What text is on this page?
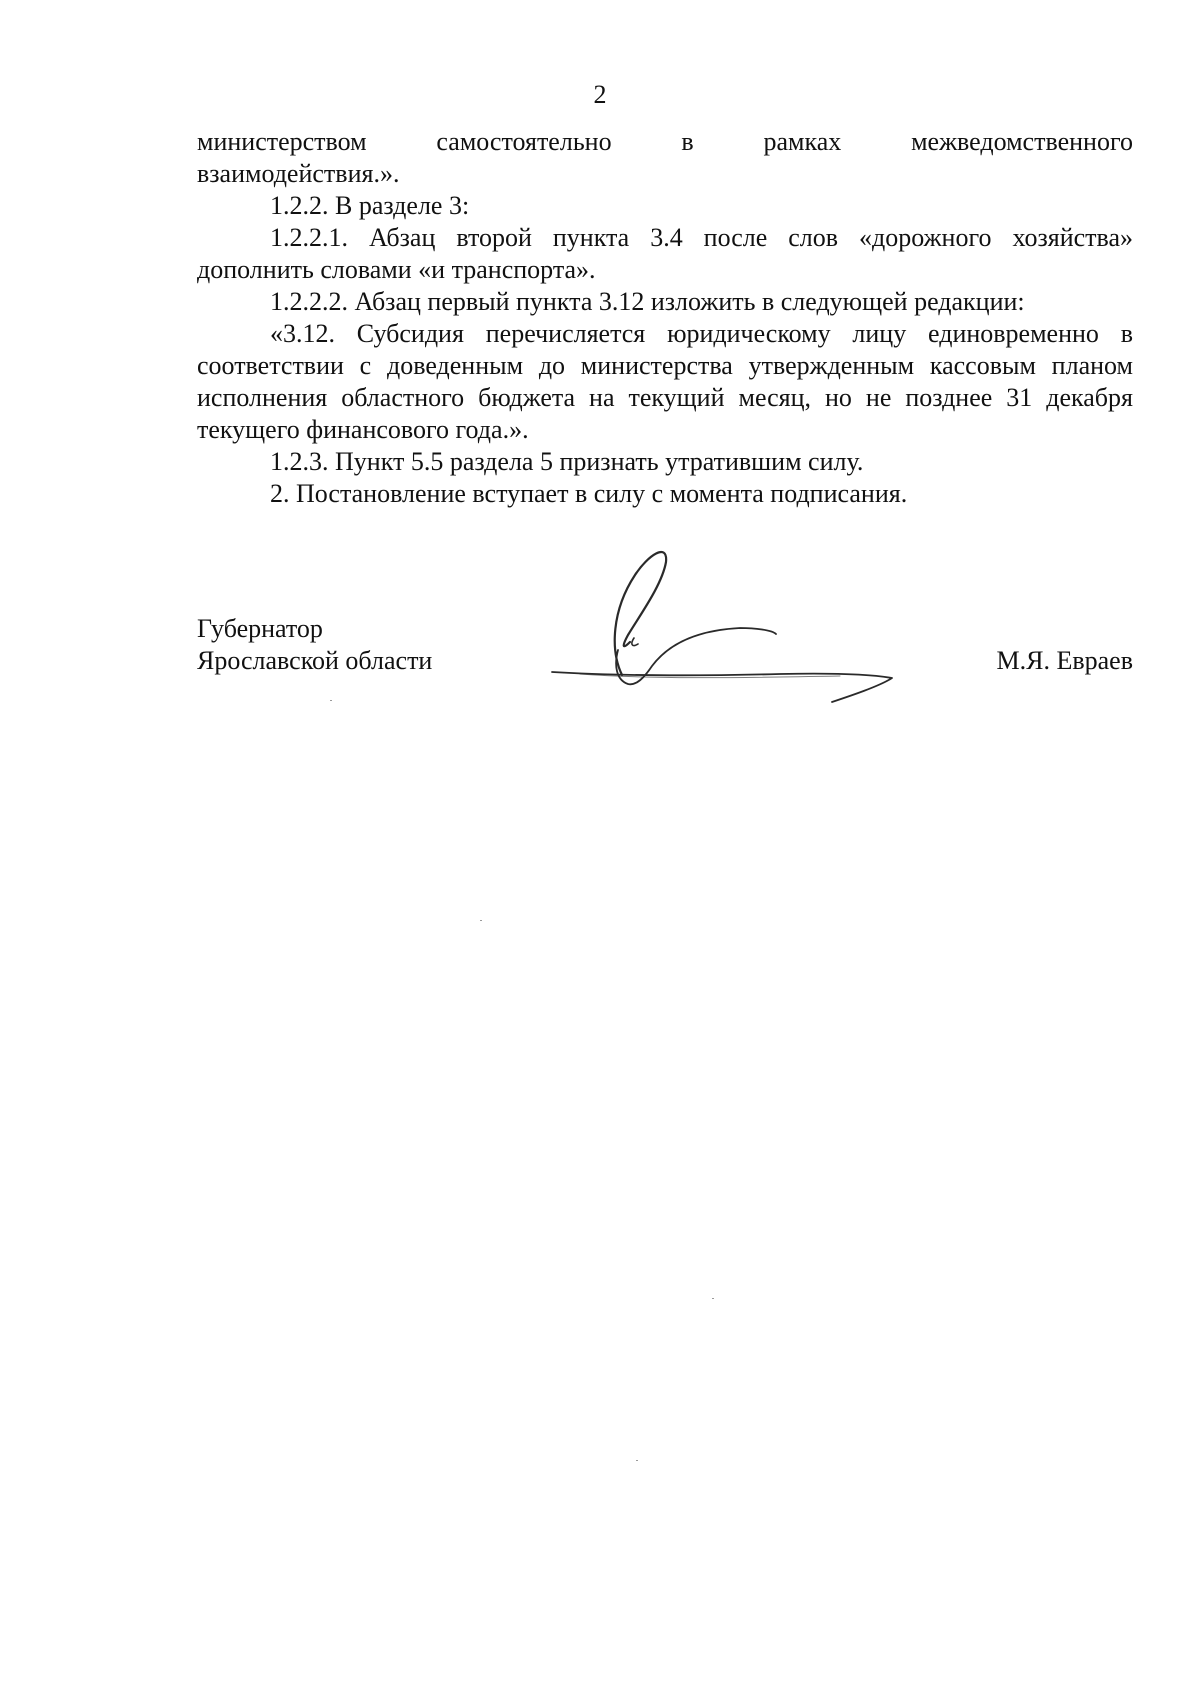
2
министерством	самостоятельно	в	рамках	межведомственного

взаимодействия.».

1.2.2. В разделе 3:

1.2.2.1. Абзац второй пункта 3.4 после слов «дорожного хозяйства» дополнить словами «и транспорта».

1.2.2.2. Абзац первый пункта 3.12 изложить в следующей редакции:

«3.12. Субсидия перечисляется юридическому лицу единовременно в соответствии с доведенным до министерства утвержденным кассовым планом исполнения областного бюджета на текущий месяц, но не позднее 31 декабря текущего финансового года.».

1.2.3. Пункт 5.5 раздела 5 признать утратившим силу.

2. Постановление вступает в силу с момента подписания.

Губернатор
Ярославской области	М.Я. Евраев
